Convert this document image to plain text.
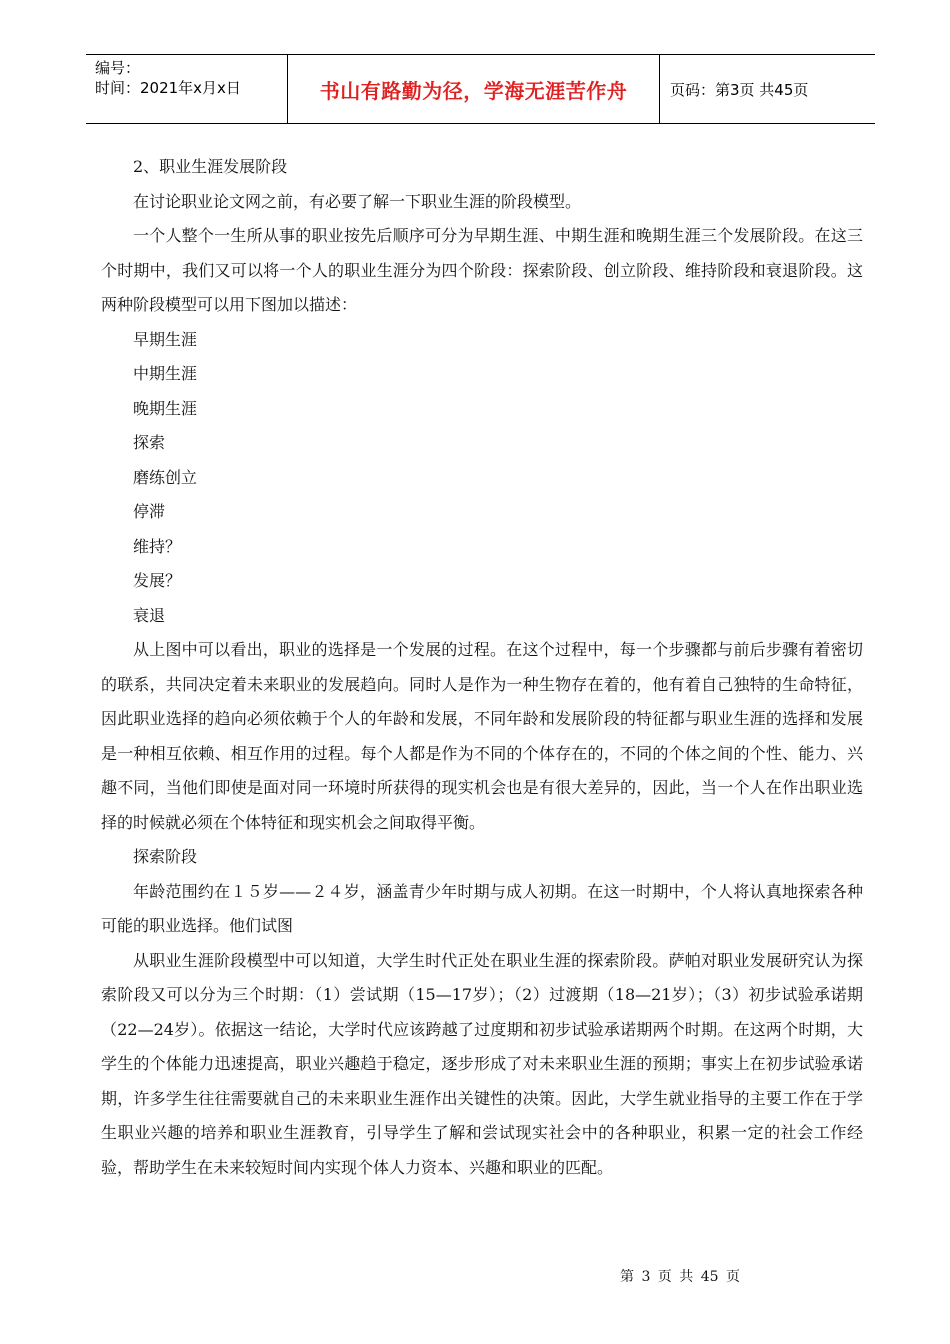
编号：
时间：2021年x月x日	书山有路勤为径，学海无涯苦作舟	页码：第3页 共45页

2、职业生涯发展阶段

在讨论职业论文网之前，有必要了解一下职业生涯的阶段模型。

一个人整个一生所从事的职业按先后顺序可分为早期生涯、中期生涯和晚期生涯三个发展阶段。在这三个时期中，我们又可以将一个人的职业生涯分为四个阶段：探索阶段、创立阶段、维持阶段和衰退阶段。这两种阶段模型可以用下图加以描述：

早期生涯

中期生涯

晚期生涯

探索

磨练创立

停滞

维持？

发展？

衰退

从上图中可以看出，职业的选择是一个发展的过程。在这个过程中，每一个步骤都与前后步骤有着密切的联系，共同决定着未来职业的发展趋向。同时人是作为一种生物存在着的，他有着自己独特的生命特征，因此职业选择的趋向必须依赖于个人的年龄和发展，不同年龄和发展阶段的特征都与职业生涯的选择和发展是一种相互依赖、相互作用的过程。每个人都是作为不同的个体存在的，不同的个体之间的个性、能力、兴趣不同，当他们即使是面对同一环境时所获得的现实机会也是有很大差异的，因此，当一个人在作出职业选择的时候就必须在个体特征和现实机会之间取得平衡。

探索阶段

年龄范围约在１５岁——２４岁，涵盖青少年时期与成人初期。在这一时期中，个人将认真地探索各种可能的职业选择。他们试图

从职业生涯阶段模型中可以知道，大学生时代正处在职业生涯的探索阶段。萨帕对职业发展研究认为探索阶段又可以分为三个时期：（1）尝试期（15—17岁）；（2）过渡期（18—21岁）；（3）初步试验承诺期（22—24岁）。依据这一结论，大学时代应该跨越了过度期和初步试验承诺期两个时期。在这两个时期，大学生的个体能力迅速提高，职业兴趣趋于稳定，逐步形成了对未来职业生涯的预期；事实上在初步试验承诺期，许多学生往往需要就自己的未来职业生涯作出关键性的决策。因此，大学生就业指导的主要工作在于学生职业兴趣的培养和职业生涯教育，引导学生了解和尝试现实社会中的各种职业，积累一定的社会工作经验，帮助学生在未来较短时间内实现个体人力资本、兴趣和职业的匹配。

第 3 页 共 45 页
